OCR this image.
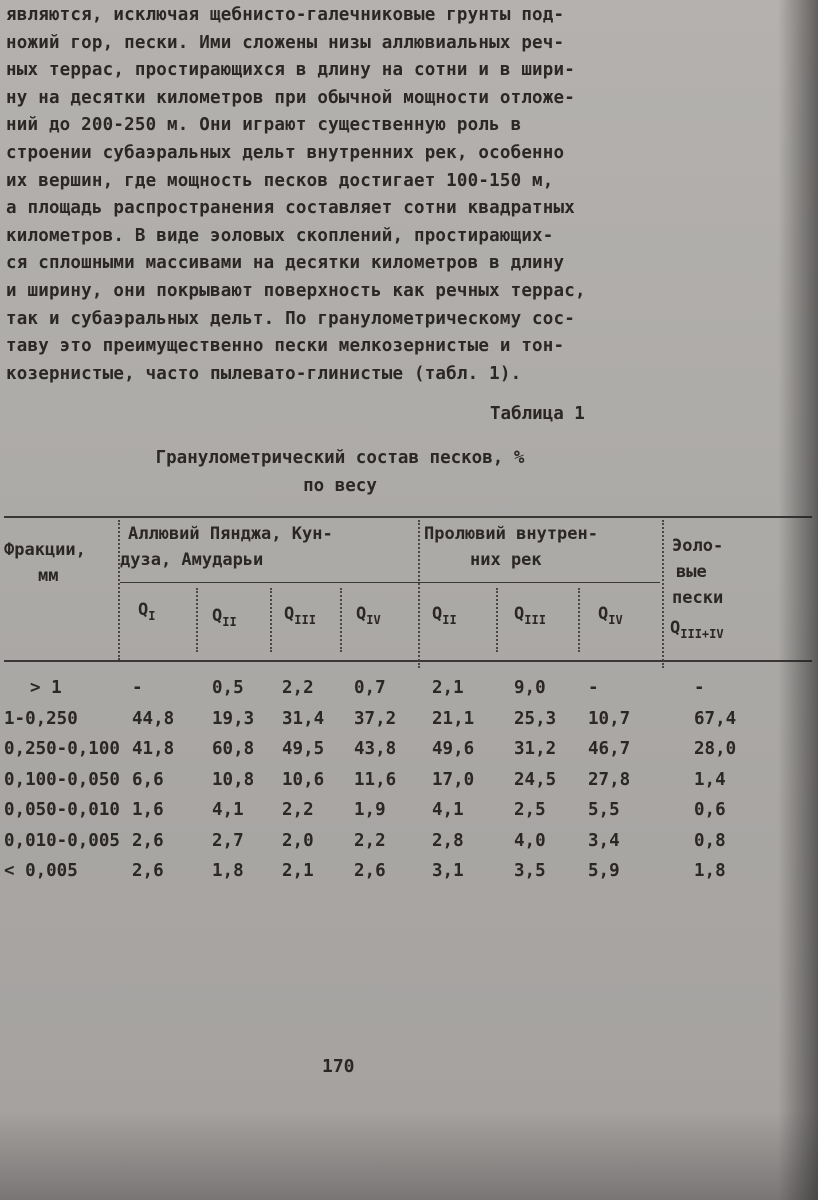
являются, исключая щебнисто-галечниковые грунты под-
ножий гор, пески. Ими сложены низы аллювиальных реч-
ных террас, простирающихся в длину на сотни и в шири-
ну на десятки километров при обычной мощности отложе-
ний до 200-250 м. Они играют существенную роль в
строении субаэральных дельт внутренних рек, особенно
их вершин, где мощность песков достигает 100-150 м,
а площадь распространения составляет сотни квадратных
километров. В виде эоловых скоплений, простирающих-
ся сплошными массивами на десятки километров в длину
и ширину, они покрывают поверхность как речных террас,
так и субаэральных дельт. По гранулометрическому сос-
таву это преимущественно пески мелкозернистые и тон-
козернистые, часто пылевато-глинистые (табл. 1).
Таблица 1
Гранулометрический состав песков, %
по весу
Фракции,
мм
Аллювий Пянджа, Кун-
дуза, Амударьи
Пролювий внутрен-
них рек
Эоло-
вые
пески
$Q_I$	$Q_{II}$	$Q_{III}$ $Q_{IV}$	$Q_{II}$	$Q_{III}$	$Q_{IV}$	$Q_{III+IV}$
> 1	-	0,5 2,2 0,7	2,1	9,0 -	-
1-0,250	44,8 19,3 31,4 37,2 21,1 25,3 10,7	67,4
0,250-0,100 41,8 60,8 49,5 43,8 49,6 31,2 46,7	28,0
0,100-0,050 6,6	10,8 10,6 11,6 17,0 24,5 27,8	1,4
0,050-0,010 1,6	4,1 2,2 1,9	4,1	2,5 5,5	0,6
0,010-0,005 2,6	2,7 2,0 2,2	2,8	4,0 3,4	0,8
< 0,005	2,6	1,8 2,1 2,6	3,1	3,5 5,9	1,8

170
